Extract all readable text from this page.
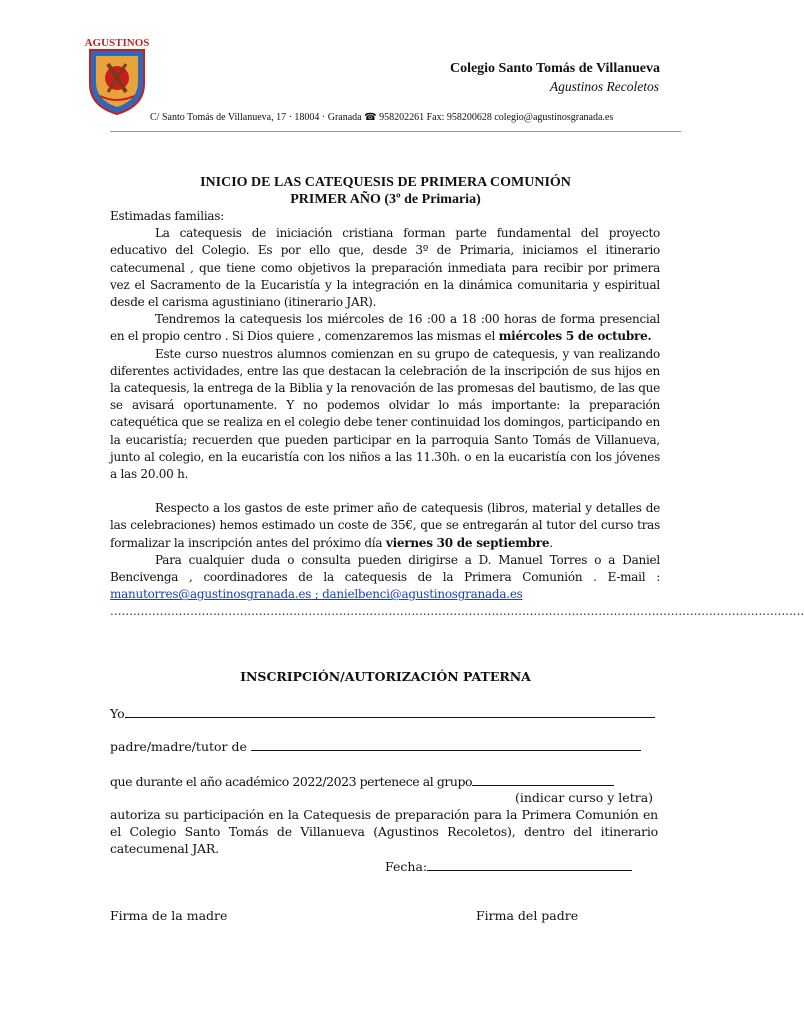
AGUSTINOS
Colegio Santo Tomás de Villanueva
Agustinos Recoletos
C/ Santo Tomás de Villanueva, 17 · 18004 · Granada ☎ 958202261 Fax: 958200628 colegio@agustinosgranada.es
INICIO DE LAS CATEQUESIS DE PRIMERA COMUNIÓN
PRIMER AÑO (3º de Primaria)

Estimadas familias:

La catequesis de iniciación cristiana forman parte fundamental del proyecto educativo del Colegio. Es por ello que, desde 3º de Primaria, iniciamos el itinerario catecumenal , que tiene como objetivos la preparación inmediata para recibir por primera vez el Sacramento de la Eucaristía y la integración en la dinámica comunitaria y espiritual desde el carisma agustiniano (itinerario JAR).

Tendremos la catequesis los miércoles de 16 :00 a 18 :00 horas de forma presencial en el propio centro . Si Dios quiere , comenzaremos las mismas el miércoles 5 de octubre.

Este curso nuestros alumnos comienzan en su grupo de catequesis, y van realizando diferentes actividades, entre las que destacan la celebración de la inscripción de sus hijos en la catequesis, la entrega de la Biblia y la renovación de las promesas del bautismo, de las que se avisará oportunamente. Y no podemos olvidar lo más importante: la preparación catequética que se realiza en el colegio debe tener continuidad los domingos, participando en la eucaristía; recuerden que pueden participar en la parroquia Santo Tomás de Villanueva, junto al colegio, en la eucaristía con los niños a las 11.30h. o en la eucaristía con los jóvenes a las 20.00 h.

Respecto a los gastos de este primer año de catequesis (libros, material y detalles de las celebraciones) hemos estimado un coste de 35€, que se entregarán al tutor del curso tras formalizar la inscripción antes del próximo día viernes 30 de septiembre.

Para cualquier duda o consulta pueden dirigirse a D. Manuel Torres o a Daniel Bencivenga , coordinadores de la catequesis de la Primera Comunión . E-mail : manutorres@agustinosgranada.es ; danielbenci@agustinosgranada.es

......................................................................................................................................................................................
INSCRIPCIÓN/AUTORIZACIÓN PATERNA
Yo
padre/madre/tutor de
que durante el año académico 2022/2023 pertenece al grupo
(indicar curso y letra)
autoriza su participación en la Catequesis de preparación para la Primera Comunión en el Colegio Santo Tomás de Villanueva (Agustinos Recoletos), dentro del itinerario catecumenal JAR.
Fecha:
Firma de la madre	Firma del padre
